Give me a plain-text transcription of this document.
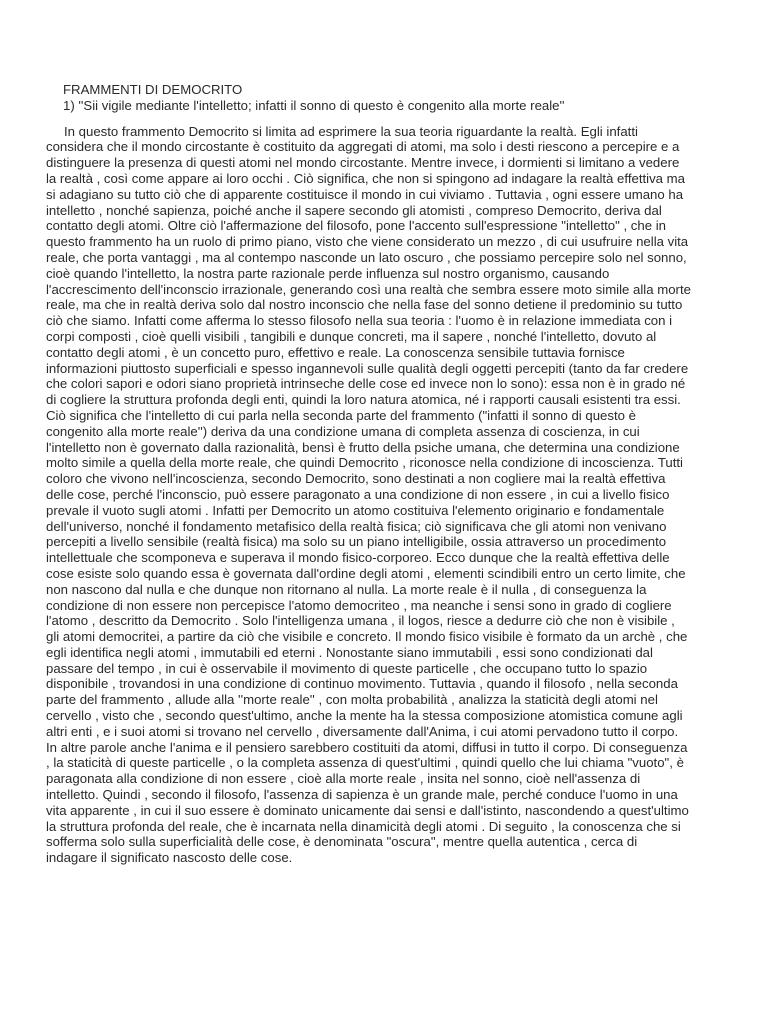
FRAMMENTI DI DEMOCRITO
1) ''Sii vigile mediante l'intelletto; infatti il sonno di questo è congenito alla morte reale''
In questo frammento Democrito si limita ad esprimere la sua teoria riguardante la realtà. Egli infatti
considera che il mondo circostante è costituito da aggregati di atomi, ma solo i desti riescono a percepire e a
distinguere la presenza di questi atomi nel mondo circostante. Mentre invece, i dormienti si limitano a vedere
la realtà , così come appare ai loro occhi . Ciò significa, che non si spingono ad indagare la realtà effettiva ma
si adagiano su tutto ciò che di apparente costituisce il mondo in cui viviamo . Tuttavia , ogni essere umano ha
intelletto , nonché sapienza, poiché anche il sapere secondo gli atomisti , compreso Democrito, deriva dal
contatto degli atomi. Oltre ciò l'affermazione del filosofo, pone l'accento sull'espressione "intelletto" , che in
questo frammento ha un ruolo di primo piano, visto che viene considerato un mezzo , di cui usufruire nella vita
reale, che porta vantaggi , ma al contempo nasconde un lato oscuro , che possiamo percepire solo nel sonno,
cioè quando l'intelletto, la nostra parte razionale perde influenza sul nostro organismo, causando
l'accrescimento dell'inconscio irrazionale, generando così una realtà che sembra essere moto simile alla morte
reale, ma che in realtà deriva solo dal nostro inconscio che nella fase del sonno detiene il predominio su tutto
ciò che siamo. Infatti come afferma lo stesso filosofo nella sua teoria : l'uomo è in relazione immediata con i
corpi composti , cioè quelli visibili , tangibili e dunque concreti, ma il sapere , nonché l'intelletto, dovuto al
contatto degli atomi , è un concetto puro, effettivo e reale. La conoscenza sensibile tuttavia fornisce
informazioni piuttosto superficiali e spesso ingannevoli sulle qualità degli oggetti percepiti (tanto da far credere
che colori sapori e odori siano proprietà intrinseche delle cose ed invece non lo sono): essa non è in grado né
di cogliere la struttura profonda degli enti, quindi la loro natura atomica, né i rapporti causali esistenti tra essi.
Ciò significa che l'intelletto di cui parla nella seconda parte del frammento ("infatti il sonno di questo è
congenito alla morte reale'') deriva da una condizione umana di completa assenza di coscienza, in cui
l'intelletto non è governato dalla razionalità, bensì è frutto della psiche umana, che determina una condizione
molto simile a quella della morte reale, che quindi Democrito , riconosce nella condizione di incoscienza. Tutti
coloro che vivono nell'incoscienza, secondo Democrito, sono destinati a non cogliere mai la realtà effettiva
delle cose, perché l'inconscio, può essere paragonato a una condizione di non essere , in cui a livello fisico
prevale il vuoto sugli atomi . Infatti per Democrito un atomo costituiva l'elemento originario e fondamentale
dell'universo, nonché il fondamento metafisico della realtà fisica; ciò significava che gli atomi non venivano
percepiti a livello sensibile (realtà fisica) ma solo su un piano intelligibile, ossia attraverso un procedimento
intellettuale che scomponeva e superava il mondo fisico-corporeo. Ecco dunque che la realtà effettiva delle
cose esiste solo quando essa è governata dall'ordine degli atomi , elementi scindibili entro un certo limite, che
non nascono dal nulla e che dunque non ritornano al nulla. La morte reale è il nulla , di conseguenza la
condizione di non essere non percepisce l'atomo democriteo , ma neanche i sensi sono in grado di cogliere
l'atomo , descritto da Democrito . Solo l'intelligenza umana , il logos, riesce a dedurre ciò che non è visibile ,
gli atomi democritei, a partire da ciò che visibile e concreto. Il mondo fisico visibile è formato da un archè , che
egli identifica negli atomi , immutabili ed eterni . Nonostante siano immutabili , essi sono condizionati dal
passare del tempo , in cui è osservabile il movimento di queste particelle , che occupano tutto lo spazio
disponibile , trovandosi in una condizione di continuo movimento. Tuttavia , quando il filosofo , nella seconda
parte del frammento , allude alla ''morte reale'' , con molta probabilità , analizza la staticità degli atomi nel
cervello , visto che , secondo quest'ultimo, anche la mente ha la stessa composizione atomistica comune agli
altri enti , e i suoi atomi si trovano nel cervello , diversamente dall'Anima, i cui atomi pervadono tutto il corpo.
In altre parole anche l'anima e il pensiero sarebbero costituiti da atomi, diffusi in tutto il corpo. Di conseguenza
, la staticità di queste particelle , o la completa assenza di quest'ultimi , quindi quello che lui chiama "vuoto", è
paragonata alla condizione di non essere , cioè alla morte reale , insita nel sonno, cioè nell'assenza di
intelletto. Quindi , secondo il filosofo, l'assenza di sapienza è un grande male, perché conduce l'uomo in una
vita apparente , in cui il suo essere è dominato unicamente dai sensi e dall'istinto, nascondendo a quest'ultimo
la struttura profonda del reale, che è incarnata nella dinamicità degli atomi . Di seguito , la conoscenza che si
sofferma solo sulla superficialità delle cose, è denominata "oscura", mentre quella autentica , cerca di
indagare il significato nascosto delle cose.
